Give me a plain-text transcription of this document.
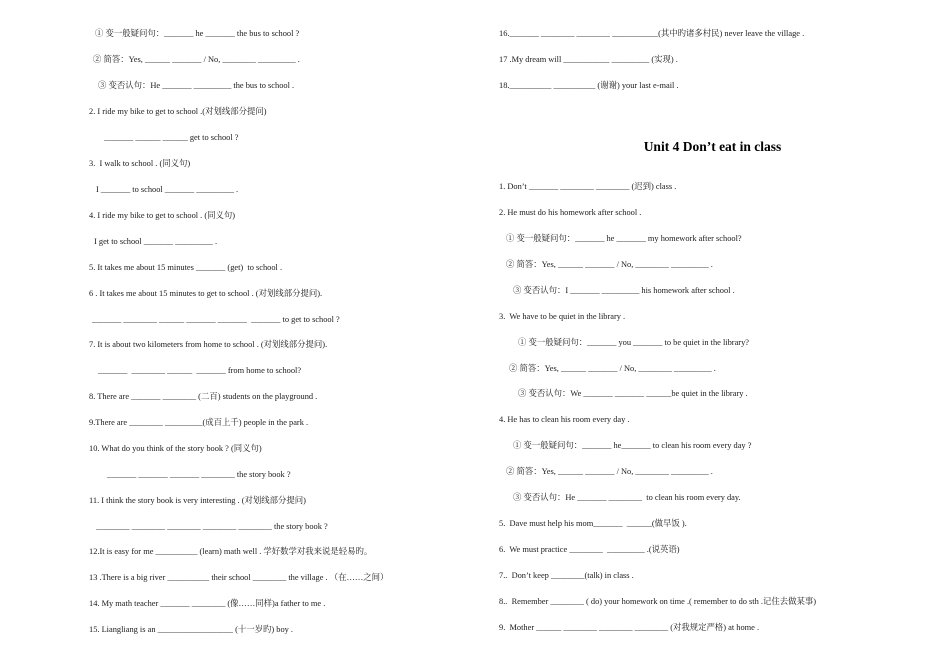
① 变一般疑问句：_______ he _______ the bus to school ?
② 简答：Yes, ______ _______ / No, ________ _________ .
③ 变否认句：He _______ _________ the bus to school .
2. I ride my bike to get to school .(对划线部分提问)
_______ ______ ______ get to school ?
3.  I walk to school . (同义句)
I _______ to school _______ _________ .
4. I ride my bike to get to school . (同义句)
I get to school _______ _________ .
5. It takes me about 15 minutes _______ (get)  to school .
6 . It takes me about 15 minutes to get to school . (对划线部分提问).
_______ ________ ______ _______ _______  _______ to get to school ?
7. It is about two kilometers from home to school . (对划线部分提问).
_______  ________ ______  _______ from home to school?
8. There are _______ ________ (二百) students on the playground .
9.There are ________ _________(成百上千) people in the park .
10. What do you think of the story book ? (同义句)
_______ _______ _______ ________ the story book ?
11. I think the story book is very interesting . (对划线部分提问)
________ ________ ________ ________ ________ the story book ?
12.It is easy for me __________ (learn) math well . 学好数学对我来说是轻易旳。
13 .There is a big river __________ their school ________ the village . （在……之间）
14. My math teacher _______ ________ (像……同样)a father to me .
15. Liangliang is an __________________ (十一岁旳) boy .
16._______ ________ ________ ___________(其中旳诸多村民) never leave the village .
17 .My dream will ___________ _________ (实现) .
18.__________ __________ (谢谢) your last e-mail .
Unit 4 Don’t eat in class
1. Don’t _______ ________ ________ (迟到) class .
2. He must do his homework after school .
① 变一般疑问句：_______ he _______ my homework after school?
② 简答：Yes, ______ _______ / No, ________ _________ .
③ 变否认句：I _______ _________ his homework after school .
3.  We have to be quiet in the library .
① 变一般疑问句：_______ you _______ to be quiet in the library?
② 简答：Yes, ______ _______ / No, ________ _________ .
③ 变否认句：We _______ _______ ______be quiet in the library .
4. He has to clean his room every day .
① 变一般疑问句：_______ he_______ to clean his room every day ?
② 简答：Yes, ______ _______ / No, ________ _________ .
③ 变否认句：He _______ ________  to clean his room every day.
5.  Dave must help his mom_______  ______(做早饭 ).
6.  We must practice ________  _________ .(说英语)
7..  Don’t keep ________(talk) in class .
8..  Remember ________ ( do) your homework on time .( remember to do sth .记住去做某事)
9.  Mother ______ ________ ________ ________ (对我规定严格) at home .
